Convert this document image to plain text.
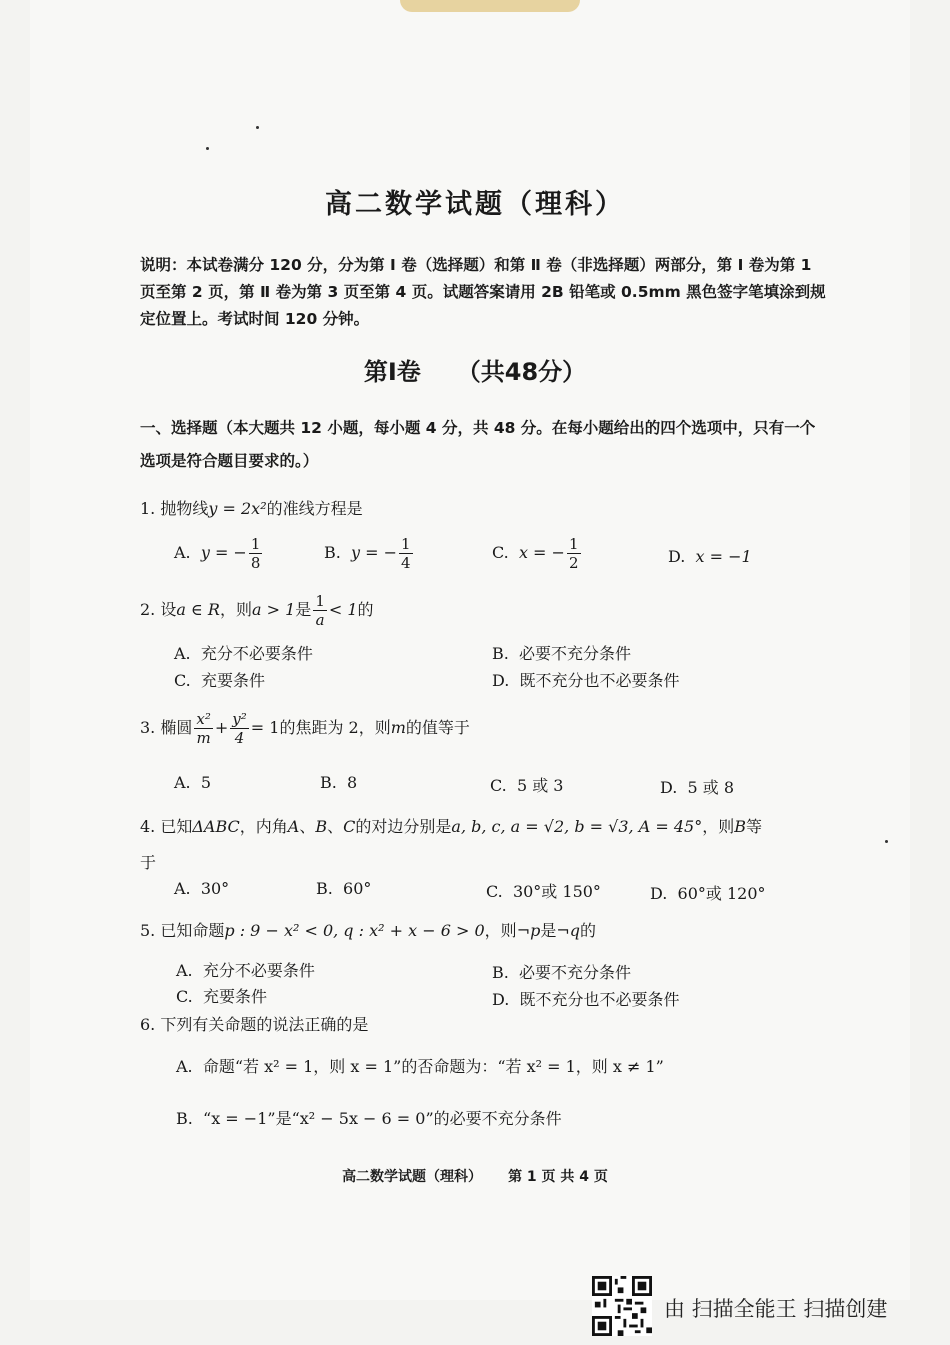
高二数学试题（理科）
说明：本试卷满分 120 分，分为第 Ⅰ 卷（选择题）和第 Ⅱ 卷（非选择题）两部分，第 Ⅰ 卷为第 1 页至第 2 页，第 Ⅱ 卷为第 3 页至第 4 页。试题答案请用 2B 铅笔或 0.5mm 黑色签字笔填涂到规定位置上。考试时间 120 分钟。
第Ⅰ卷 （共48分）
一、选择题（本大题共 12 小题，每小题 4 分，共 48 分。在每小题给出的四个选项中，只有一个选项是符合题目要求的。）
1. 抛物线y = 2x²的准线方程是
A. y = − $\frac{1}{8}$	B. y = − $\frac{1}{4}$	C. x = − $\frac{1}{2}$	D. x = −1
2. 设a ∈ R，则a > 1是 $\frac{1}{a} < 1$的
A. 充分不必要条件	B. 必要不充分条件
C. 充要条件	D. 既不充分也不必要条件
3. 椭圆 $\frac{\text{x²}}{m} + \frac{\text{y²}}{4} = 1$的焦距为 2，则m的值等于
A. 5	B. 8	C. 5 或 3	D. 5 或 8
4. 已知ΔABC，内角A、B、C的对边分别是a, b, c, a = √2, b = √3, A = 45°，则B等
于
A. 30°	B. 60°	C. 30°或 150°	D. 60°或 120°
5. 已知命题p : 9 − x² < 0, q : x² + x − 6 > 0，则¬p是¬q的
A. 充分不必要条件	B. 必要不充分条件
C. 充要条件	D. 既不充分也不必要条件
6. 下列有关命题的说法正确的是
A. 命题“若 x² = 1，则 x = 1”的否命题为：“若 x² = 1，则 x ≠ 1”
B. “x = −1”是“x² − 5x − 6 = 0”的必要不充分条件
高二数学试题（理科） 第 1 页 共 4 页
由 扫描全能王 扫描创建
